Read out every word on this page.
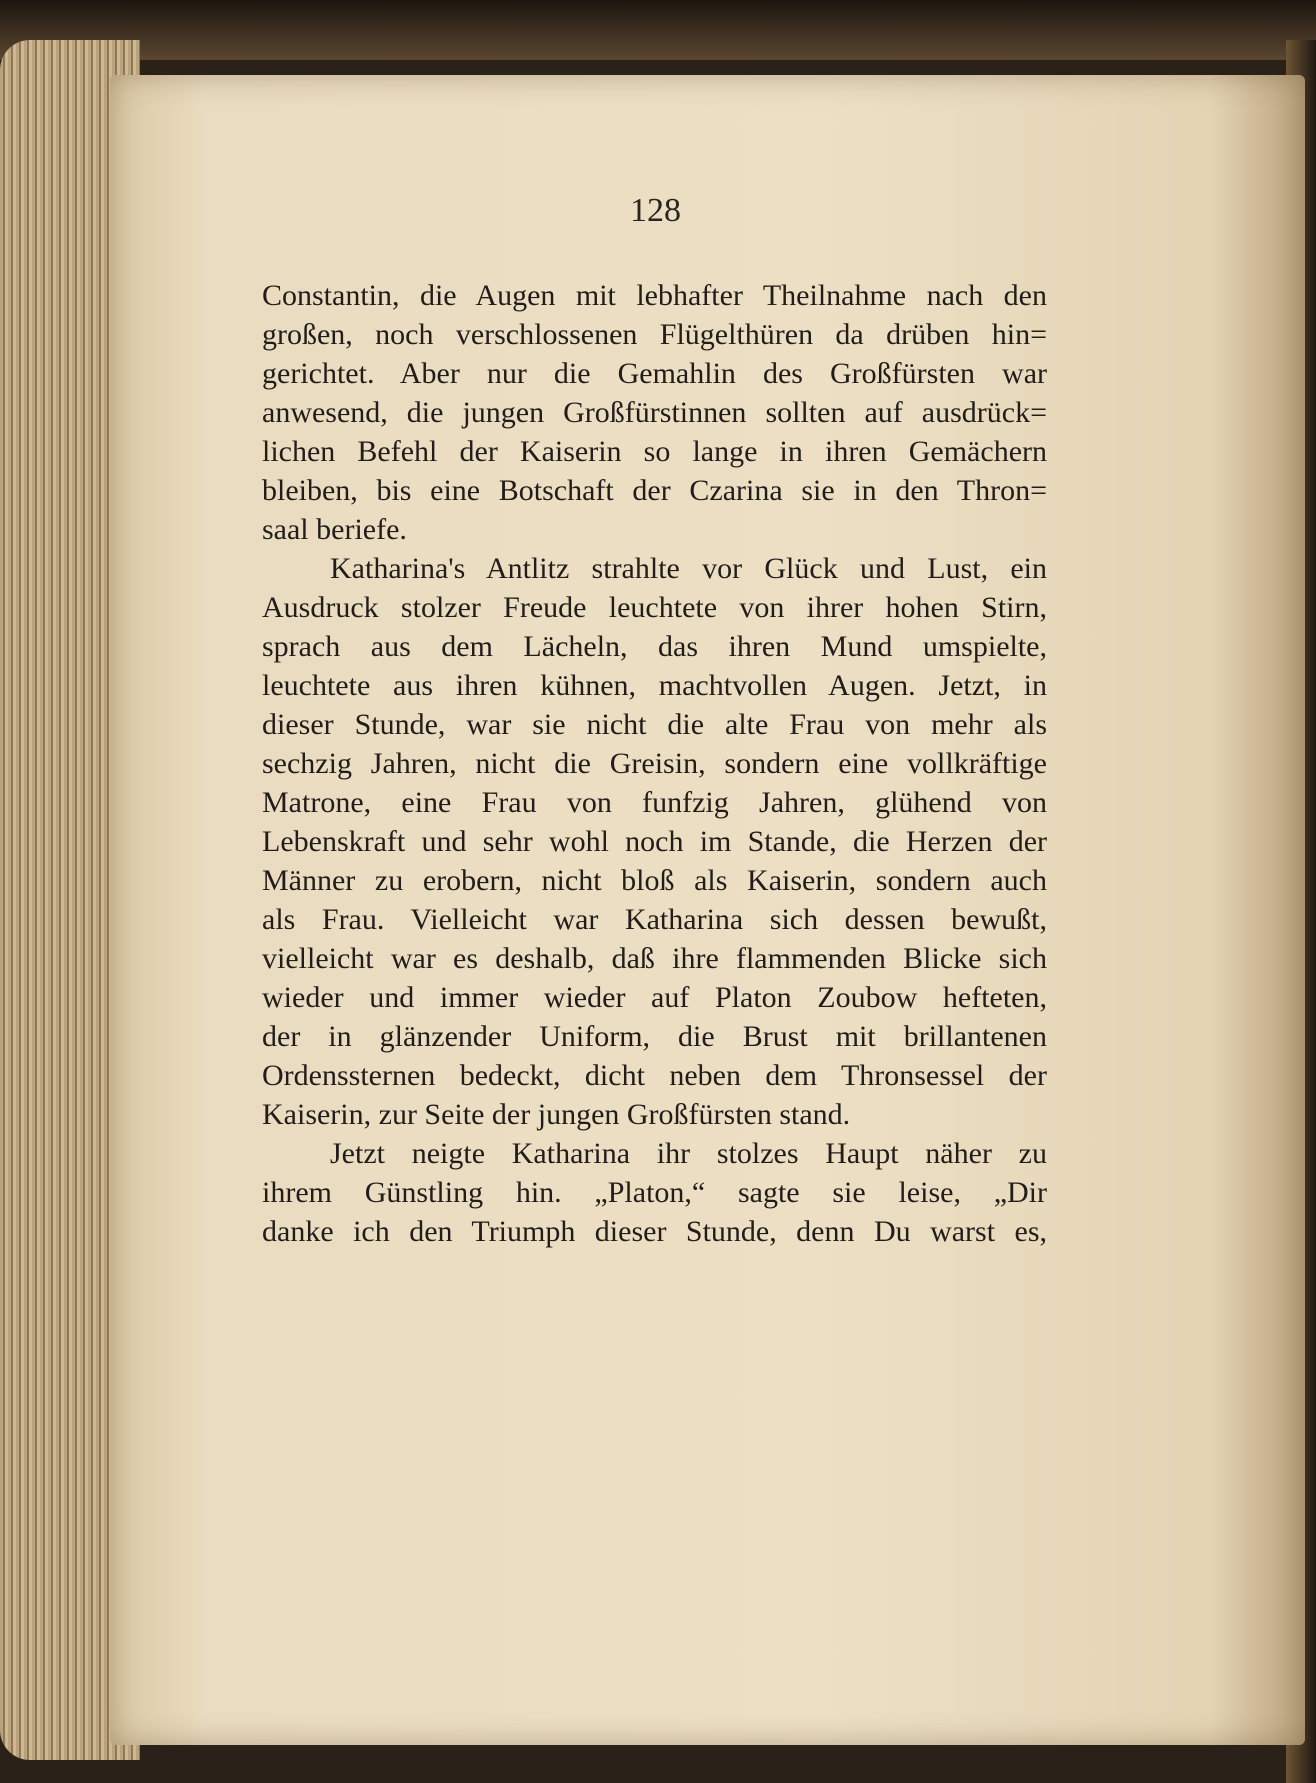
128
Constantin, die Augen mit lebhafter Theilnahme nach den
großen, noch verschlossenen Flügelthüren da drüben hin=
gerichtet. Aber nur die Gemahlin des Großfürsten war
anwesend, die jungen Großfürstinnen sollten auf ausdrück=
lichen Befehl der Kaiserin so lange in ihren Gemächern
bleiben, bis eine Botschaft der Czarina sie in den Thron=
saal beriefe.
Katharina's Antlitz strahlte vor Glück und Lust, ein
Ausdruck stolzer Freude leuchtete von ihrer hohen Stirn,
sprach aus dem Lächeln, das ihren Mund umspielte,
leuchtete aus ihren kühnen, machtvollen Augen. Jetzt, in
dieser Stunde, war sie nicht die alte Frau von mehr als
sechzig Jahren, nicht die Greisin, sondern eine vollkräftige
Matrone, eine Frau von funfzig Jahren, glühend von
Lebenskraft und sehr wohl noch im Stande, die Herzen der
Männer zu erobern, nicht bloß als Kaiserin, sondern auch
als Frau. Vielleicht war Katharina sich dessen bewußt,
vielleicht war es deshalb, daß ihre flammenden Blicke sich
wieder und immer wieder auf Platon Zoubow hefteten,
der in glänzender Uniform, die Brust mit brillantenen
Ordenssternen bedeckt, dicht neben dem Thronsessel der
Kaiserin, zur Seite der jungen Großfürsten stand.
Jetzt neigte Katharina ihr stolzes Haupt näher zu
ihrem Günstling hin. „Platon,“ sagte sie leise, „Dir
danke ich den Triumph dieser Stunde, denn Du warst es,
